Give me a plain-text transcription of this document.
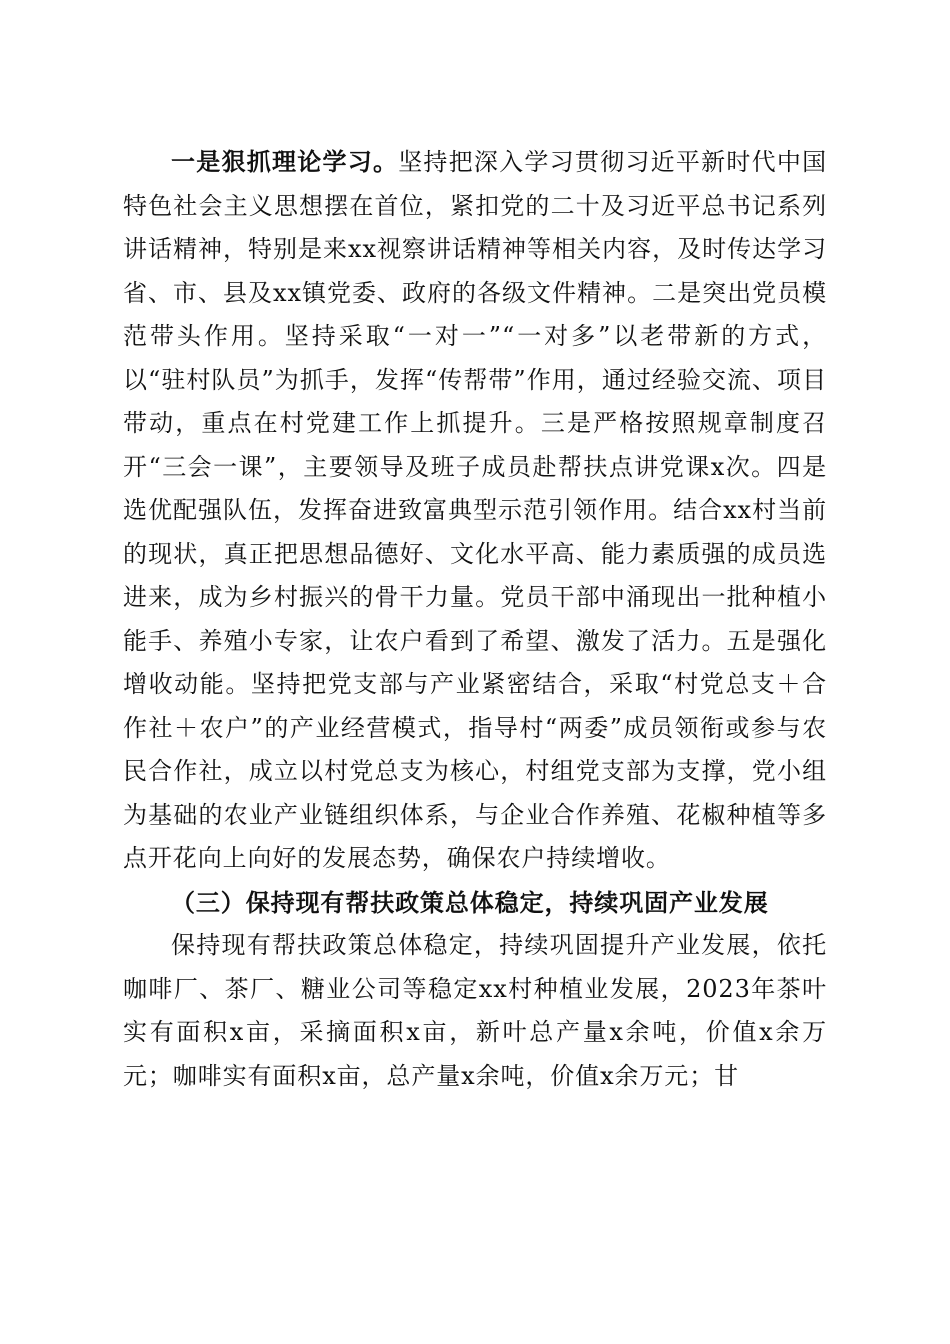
一是狠抓理论学习。坚持把深入学习贯彻习近平新时代中国特色社会主义思想摆在首位，紧扣党的二十及习近平总书记系列讲话精神，特别是来xx视察讲话精神等相关内容，及时传达学习省、市、县及xx镇党委、政府的各级文件精神。二是突出党员模范带头作用。坚持采取“一对一”“一对多”以老带新的方式，以“驻村队员”为抓手，发挥“传帮带”作用，通过经验交流、项目带动，重点在村党建工作上抓提升。三是严格按照规章制度召开“三会一课”，主要领导及班子成员赴帮扶点讲党课x次。四是选优配强队伍，发挥奋进致富典型示范引领作用。结合xx村当前的现状，真正把思想品德好、文化水平高、能力素质强的成员选进来，成为乡村振兴的骨干力量。党员干部中涌现出一批种植小能手、养殖小专家，让农户看到了希望、激发了活力。五是强化增收动能。坚持把党支部与产业紧密结合，采取“村党总支＋合作社＋农户”的产业经营模式，指导村“两委”成员领衔或参与农民合作社，成立以村党总支为核心，村组党支部为支撑，党小组为基础的农业产业链组织体系，与企业合作养殖、花椒种植等多点开花向上向好的发展态势，确保农户持续增收。

（三）保持现有帮扶政策总体稳定，持续巩固产业发展

保持现有帮扶政策总体稳定，持续巩固提升产业发展，依托咖啡厂、茶厂、糖业公司等稳定xx村种植业发展，2023年茶叶实有面积x亩，采摘面积x亩，新叶总产量x余吨，价值x余万元；咖啡实有面积x亩，总产量x余吨，价值x余万元；甘
